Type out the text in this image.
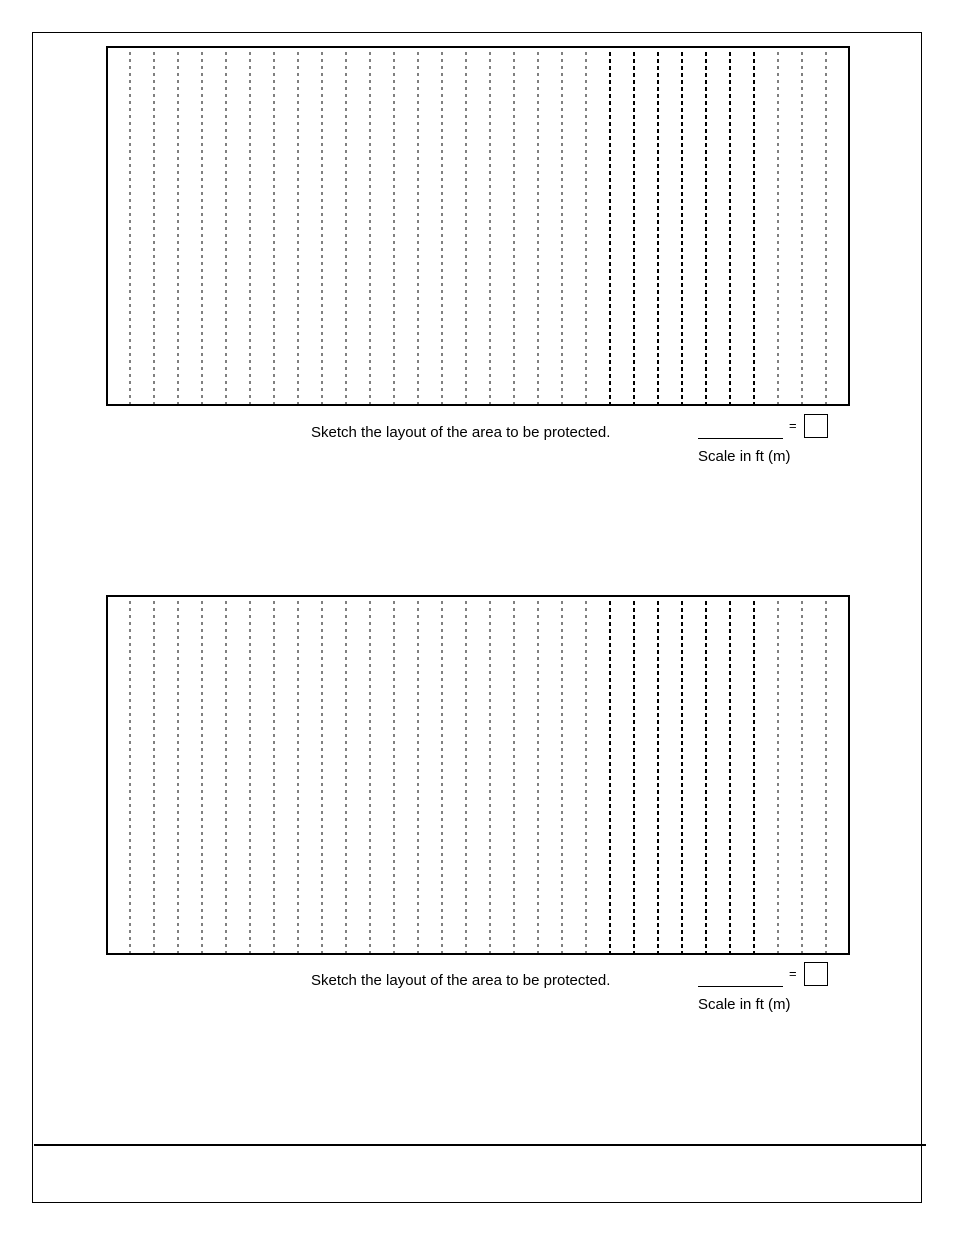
Sketch the layout of the area to be protected.	=
Scale in ft (m)
Sketch the layout of the area to be protected.	=
Scale in ft (m)
